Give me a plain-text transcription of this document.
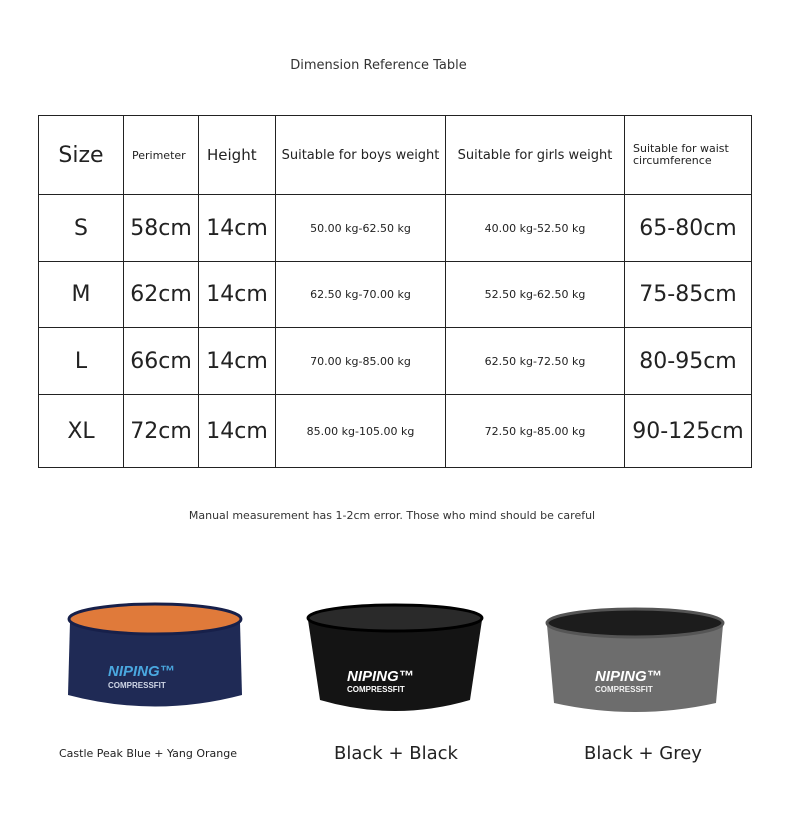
Dimension Reference Table
Size	Perimeter	Height	Suitable for boys weight	Suitable for girls weight	Suitable for waist circumference
S	58cm	14cm	50.00 kg-62.50 kg	40.00 kg-52.50 kg	65-80cm
M	62cm	14cm	62.50 kg-70.00 kg	52.50 kg-62.50 kg	75-85cm
L	66cm	14cm	70.00 kg-85.00 kg	62.50 kg-72.50 kg	80-95cm
XL	72cm	14cm	85.00 kg-105.00 kg	72.50 kg-85.00 kg	90-125cm
Manual measurement has 1-2cm error. Those who mind should be careful
NIPING™
COMPRESSFIT
Castle Peak Blue + Yang Orange
NIPING™
COMPRESSFIT
Black + Black
NIPING™
COMPRESSFIT
Black + Grey
